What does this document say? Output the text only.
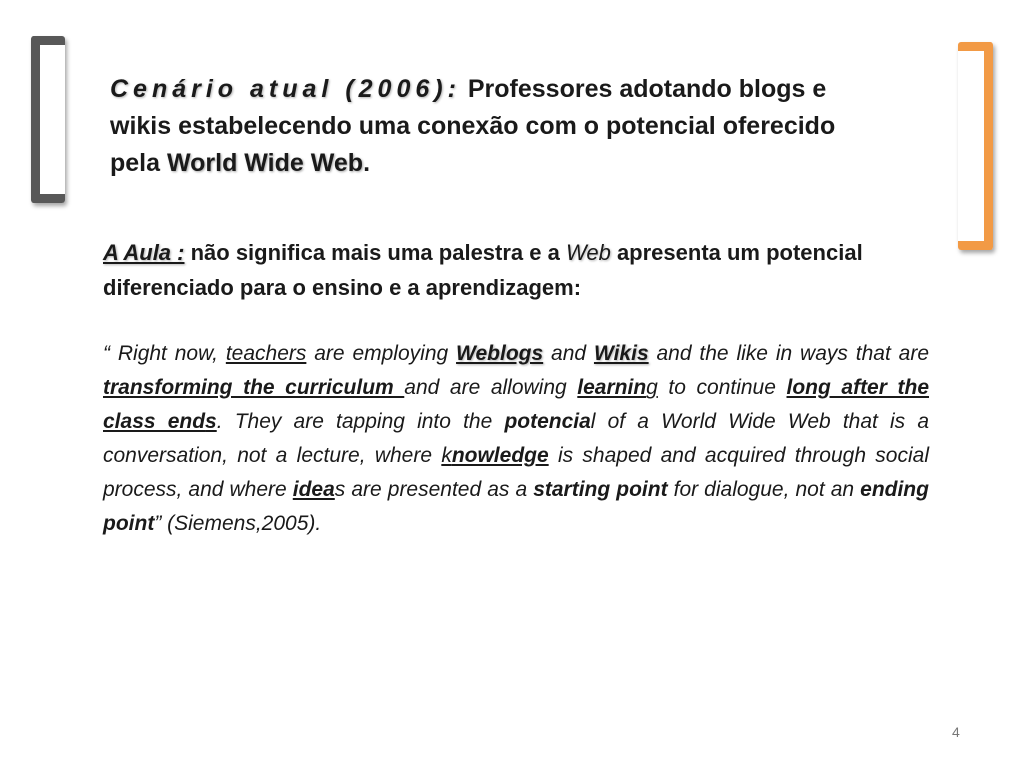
Cenário atual (2006): Professores adotando blogs e wikis estabelecendo uma conexão com o potencial oferecido pela World Wide Web.
A Aula : não significa mais uma palestra e a Web apresenta um potencial diferenciado para o ensino e a aprendizagem:
“ Right now, teachers are employing Weblogs and Wikis and the like in ways that are transforming the curriculum and are allowing learning to continue long after the class ends. They are tapping into the potencial of a World Wide Web that is a conversation, not a lecture, where knowledge is shaped and acquired through social process, and where ideas are presented as a starting point for dialogue, not an ending point” (Siemens,2005).
4
